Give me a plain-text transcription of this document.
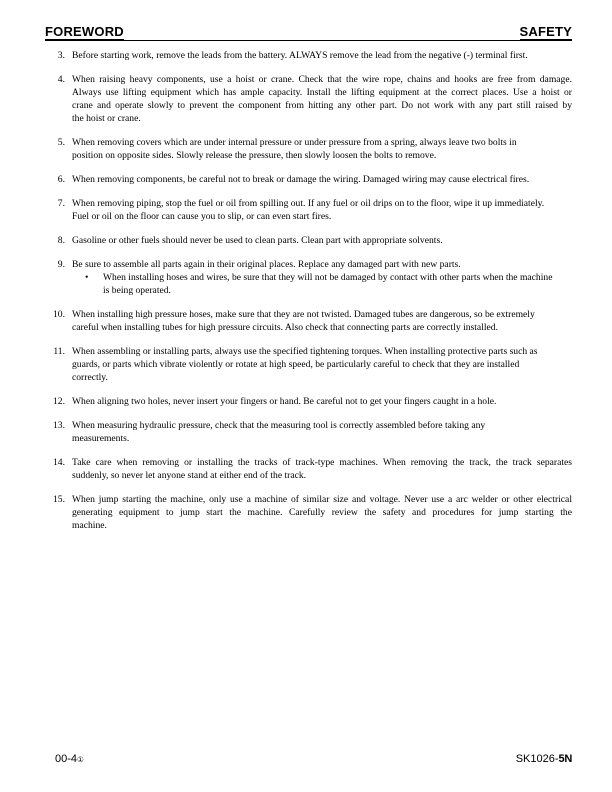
FOREWORD	SAFETY
3. Before starting work, remove the leads from the battery. ALWAYS remove the lead from the negative (-) terminal first.
4. When raising heavy components, use a hoist or crane. Check that the wire rope, chains and hooks are free from damage.
Always use lifting equipment which has ample capacity. Install the lifting equipment at the correct places. Use a hoist or
crane and operate slowly to prevent the component from hitting any other part. Do not work with any part still raised by
the hoist or crane.
5. When removing covers which are under internal pressure or under pressure from a spring, always leave two bolts in
position on opposite sides. Slowly release the pressure, then slowly loosen the bolts to remove.
6. When removing components, be careful not to break or damage the wiring. Damaged wiring may cause electrical fires.
7. When removing piping, stop the fuel or oil from spilling out. If any fuel or oil drips on to the floor, wipe it up immediately.
Fuel or oil on the floor can cause you to slip, or can even start fires.
8. Gasoline or other fuels should never be used to clean parts. Clean part with appropriate solvents.
9. Be sure to assemble all parts again in their original places. Replace any damaged part with new parts.
•	When installing hoses and wires, be sure that they will not be damaged by contact with other parts when the machine
is being operated.
10. When installing high pressure hoses, make sure that they are not twisted. Damaged tubes are dangerous, so be extremely
careful when installing tubes for high pressure circuits. Also check that connecting parts are correctly installed.
11. When assembling or installing parts, always use the specified tightening torques. When installing protective parts such as
guards, or parts which vibrate violently or rotate at high speed, be particularly careful to check that they are installed
correctly.
12. When aligning two holes, never insert your fingers or hand. Be careful not to get your fingers caught in a hole.
13. When measuring hydraulic pressure, check that the measuring tool is correctly assembled before taking any
measurements.
14. Take care when removing or installing the tracks of track-type machines. When removing the track, the track separates
suddenly, so never let anyone stand at either end of the track.
15. When jump starting the machine, only use a machine of similar size and voltage. Never use a arc welder or other electrical
generating equipment to jump start the machine. Carefully review the safety and procedures for jump starting the
machine.
00-4①	SK1026-5N
